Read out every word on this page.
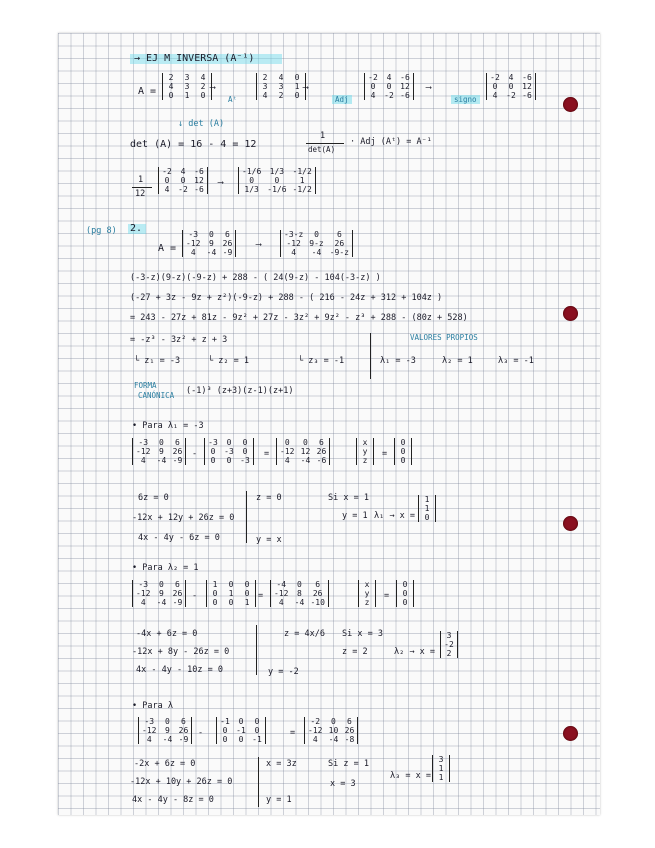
→ EJ M INVERSA (A⁻¹)
A =
2	3	4
4	3	2
0	1	0
⟶
Aᵗ
2	4	0
3	3	1
4	2	0
⟶
Adj
-2	4	-6
0	0	12
4	-2	-6
⟶
signo
-2	4	-6
0	0	12
4	-2	-6
↓ det (A)
det (A) = 16 - 4 = 12
1
det(A)
· Adj (Aᵗ) = A⁻¹
1
12
-2	4	-6
0	0	12
4	-2	-6
⟶
-1/6	1/3	-1/2
0	0	1
1/3	-1/6	-1/2
(pg 8) 2.
A =
-3	0	6
-12	9	26
4	-4	-9
⟶
-3-z	0	6
-12	9-z	26
4	-4	-9-z
(-3-z)(9-z)(-9-z) + 288 - ( 24(9-z) - 104(-3-z) )
(-27 + 3z - 9z + z²)(-9-z) + 288 - ( 216 - 24z + 312 + 104z )
= 243 - 27z + 81z - 9z² + 27z - 3z² + 9z² - z³ + 288 - (80z + 528)
= -z³ - 3z² + z + 3	VALORES PROPIOS
└ z₁ = -3	└ z₂ = 1	└ z₃ = -1	λ₁ = -3	λ₂ = 1	λ₃ = -1
FORMA
CANÓNICA (-1)³ (z+3)(z-1)(z+1)
• Para λ₁ = -3
-3	0	6
-12	9	26
4	-4	-9
-
-3	0	0
0	-3	0
0	0	-3
=
0	0	6
-12	12	26
4	-4	-6
x
y
z
=
0
0
0
6z = 0
-12x + 12y + 26z = 0
4x - 4y - 6z = 0
z = 0
y = x
Si x = 1
y = 1 λ₁ → x =
1
1
0
• Para λ₂ = 1
-3	0	6
-12	9	26
4	-4	-9
-
1	0	0
0	1	0
0	0	1
=
-4	0	6
-12	8	26
4	-4	-10
x
y
z
=
0
0
0
-4x + 6z = 0
-12x + 8y - 26z = 0
4x - 4y - 10z = 0
z = 4x/6
y = -2
Si x = 3
z = 2	λ₂ → x =
3
-2
2
• Para λ
-3	0	6
-12	9	26
4	-4	-9
-
-1	0	0
0	-1	0
0	0	-1
=
-2	0	6
-12	10	26
4	-4	-8
-2x + 6z = 0
-12x + 10y + 26z = 0
4x - 4y - 8z = 0
x = 3z
y = 1
Si z = 1
x = 3
λ₃ = x =
3
1
1
